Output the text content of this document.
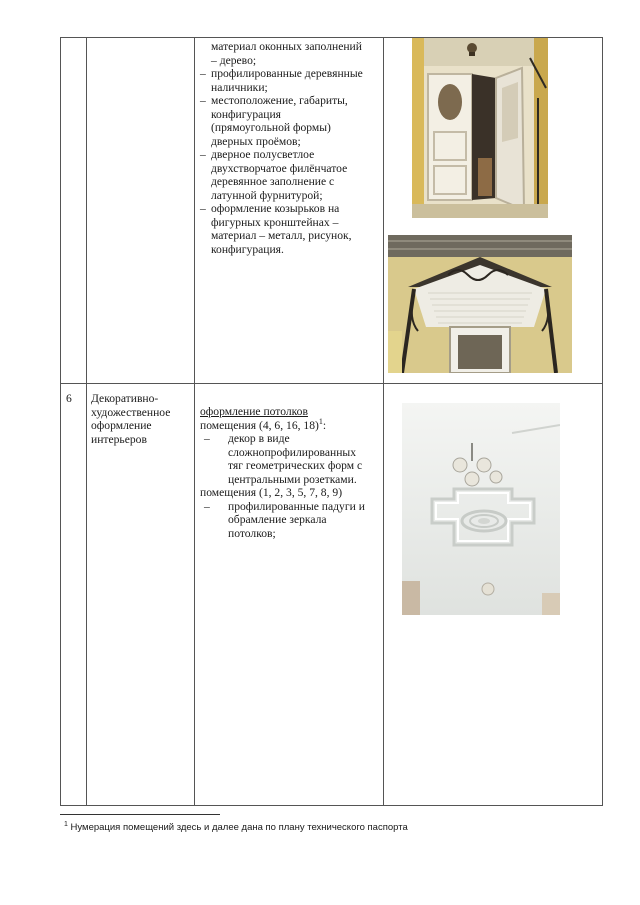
материал оконных заполнений
– дерево;
– профилированные деревянные
наличники;
– местоположение, габариты,
конфигурация
(прямоугольной формы)
дверных проёмов;
– дверное полусветлое
двухстворчатое филёнчатое
деревянное заполнение с
латунной фурнитурой;
– оформление козырьков на
фигурных кронштейнах –
материал – металл, рисунок,
конфигурация.
6 Декоративно-
художественное
оформление
интерьеров
оформление потолков
помещения (4, 6, 16, 18)$^1$:
– декор в виде
сложнопрофилированных
тяг геометрических форм с
центральными розетками.
помещения (1, 2, 3, 5, 7, 8, 9)
– профилированные падуги и
обрамление зеркала
потолков;
$^1$ Нумерация помещений здесь и далее дана по плану технического паспорта
